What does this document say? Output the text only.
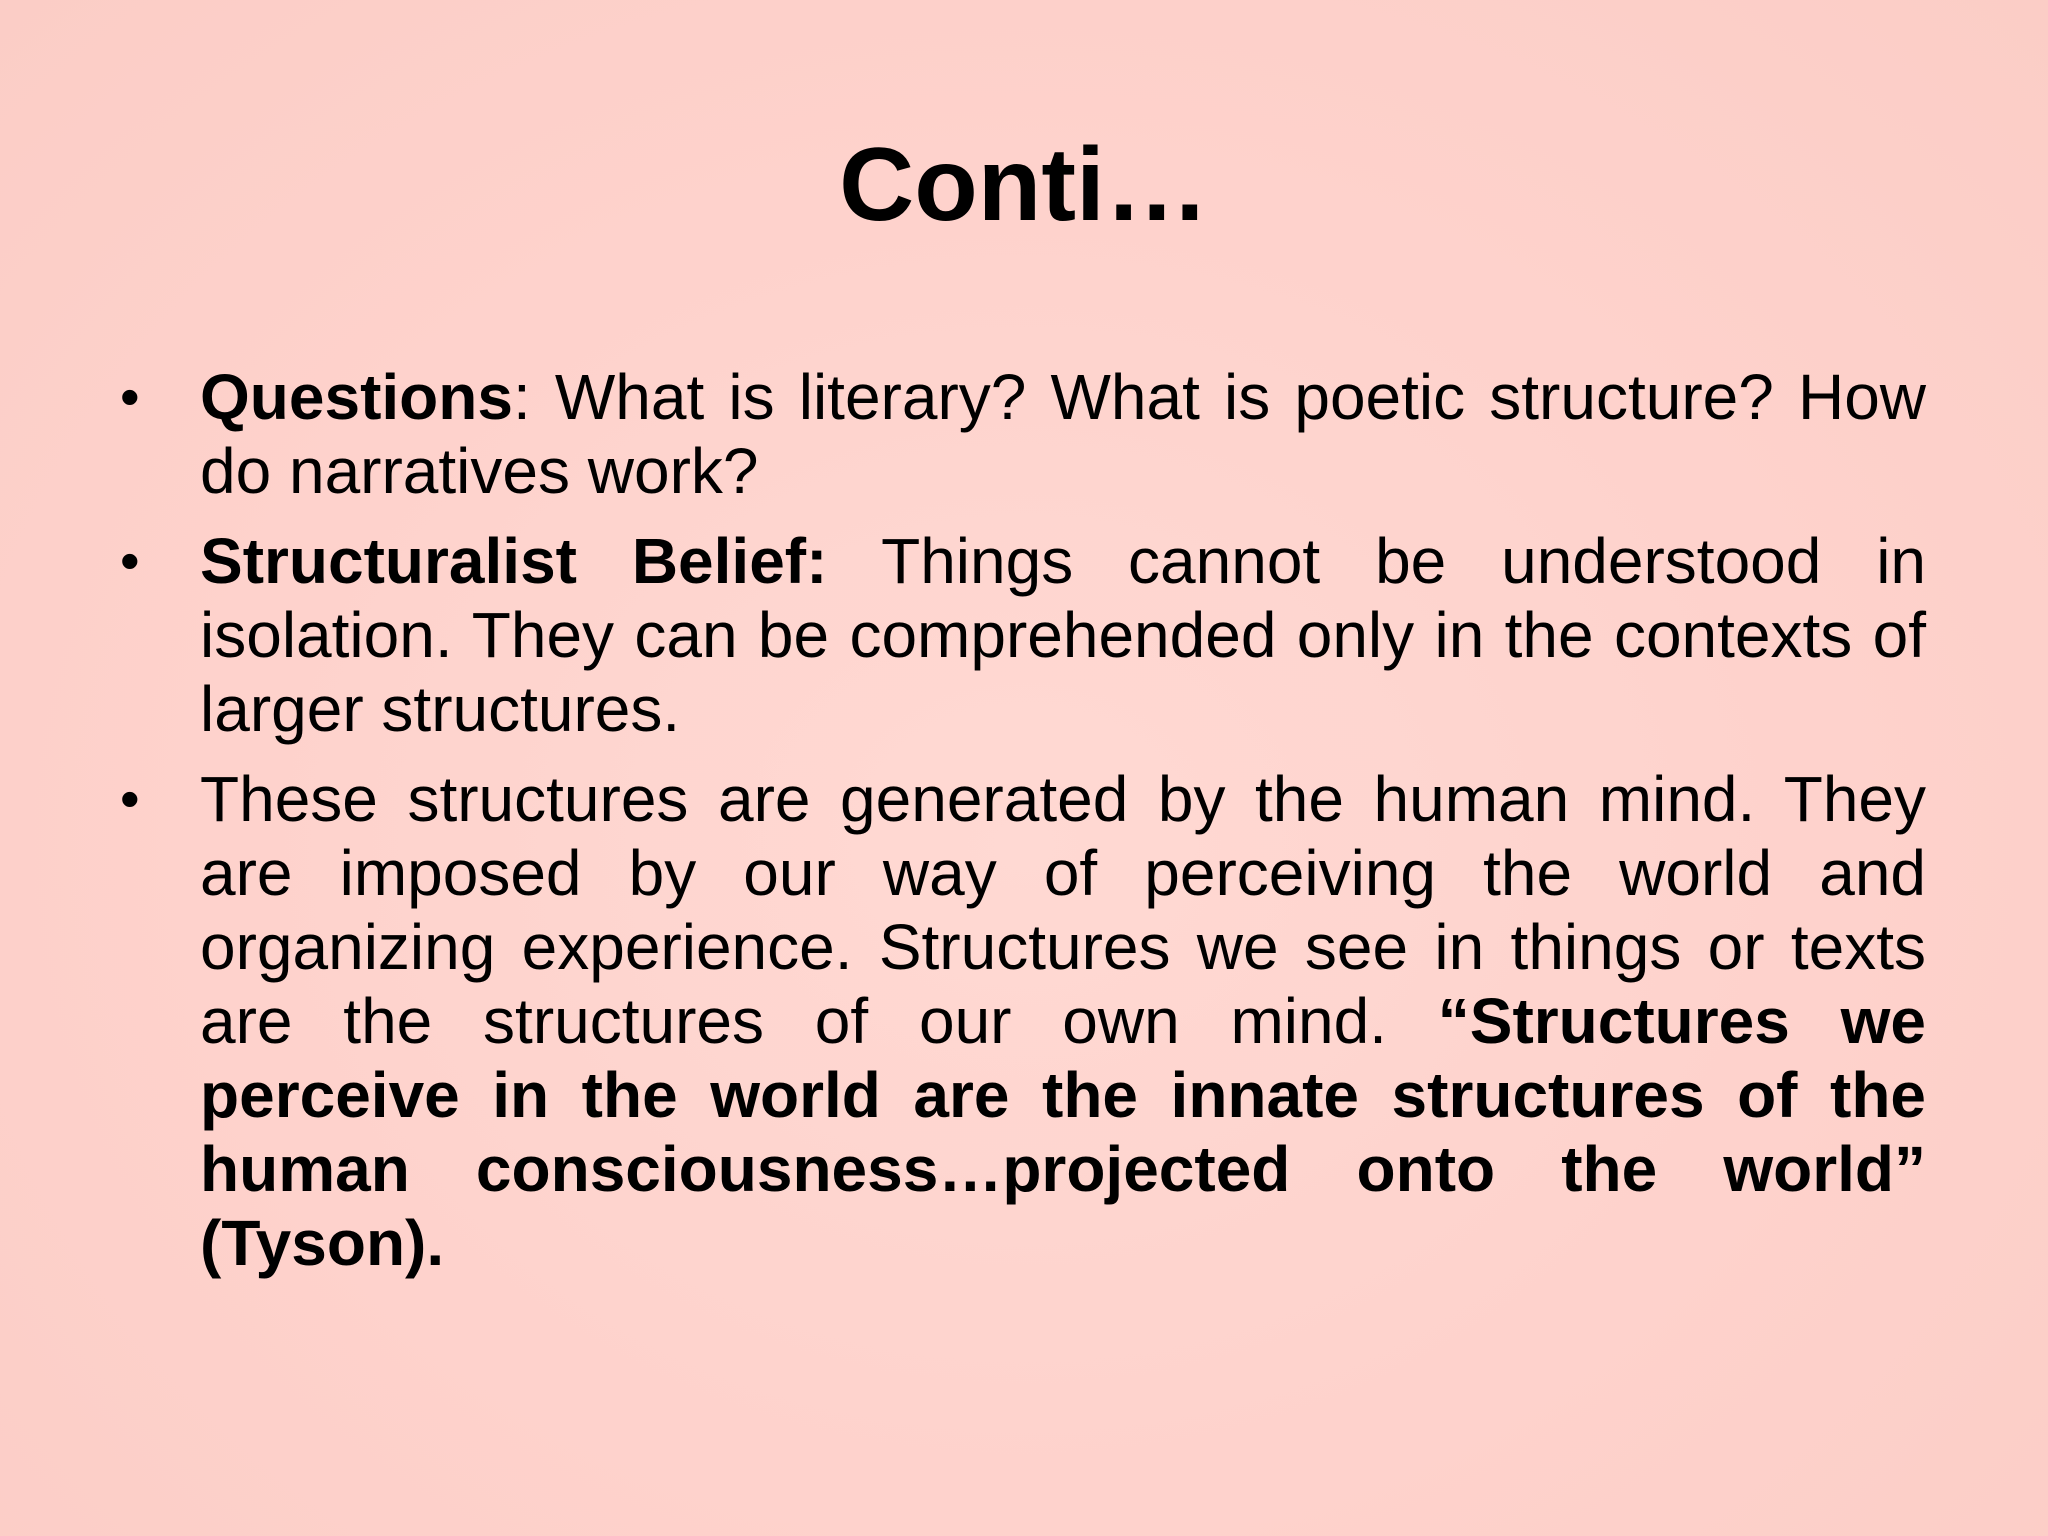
Conti…
• Questions: What is literary? What is poetic structure? How do narratives work?
• Structuralist Belief: Things cannot be understood in isolation. They can be comprehended only in the contexts of larger structures.
• These structures are generated by the human mind. They are imposed by our way of perceiving the world and organizing experience. Structures we see in things or texts are the structures of our own mind. “Structures we perceive in the world are the innate structures of the human consciousness…projected onto the world” (Tyson).
